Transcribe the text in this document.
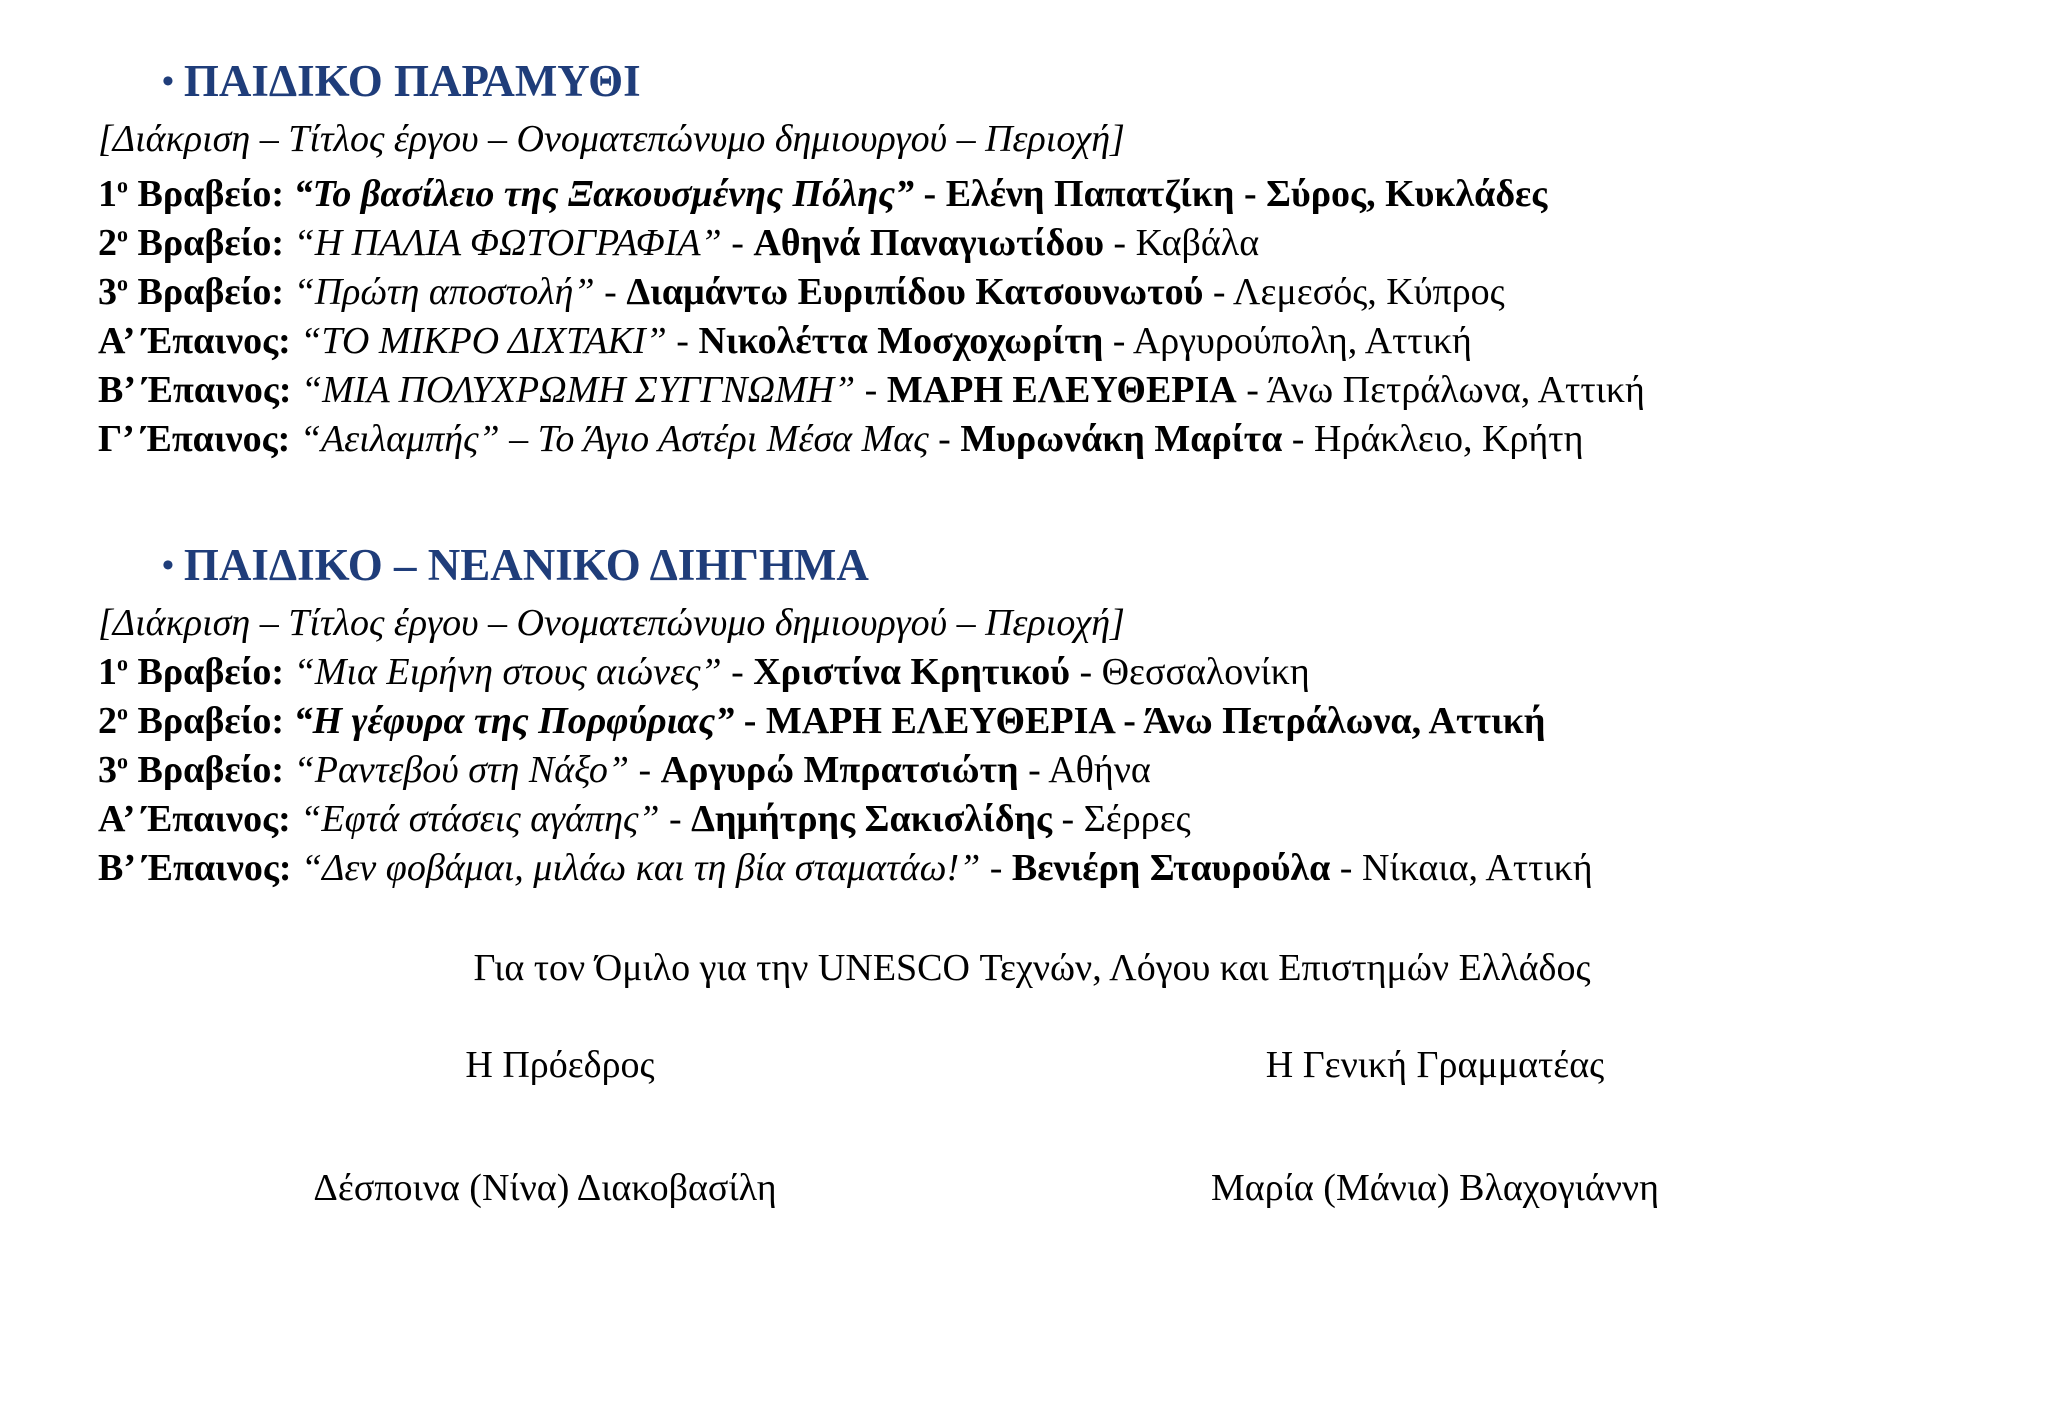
• ΠΑΙΔΙΚΟ ΠΑΡΑΜΥΘΙ
[Διάκριση – Τίτλος έργου – Ονοματεπώνυμο δημιουργού – Περιοχή]
$1^o$ Βραβείο: “Το βασίλειο της Ξακουσμένης Πόλης” - Ελένη Παπατζίκη - Σύρος, Κυκλάδες
$2^o$ Βραβείο: “Η ΠΑΛΙΑ ΦΩΤΟΓΡΑΦΙΑ” - Αθηνά Παναγιωτίδου - Καβάλα
$3^o$ Βραβείο: “Πρώτη αποστολή” - Διαμάντω Ευριπίδου Κατσουνωτού - Λεμεσός, Κύπρος
Α’ Έπαινος: “ΤΟ ΜΙΚΡΟ ΔΙΧΤΑΚΙ” - Νικολέττα Μοσχοχωρίτη - Αργυρούπολη, Αττική
Β’ Έπαινος: “ΜΙΑ ΠΟΛΥΧΡΩΜΗ ΣΥΓΓΝΩΜΗ” - ΜΑΡΗ ΕΛΕΥΘΕΡΙΑ - Άνω Πετράλωνα, Αττική
Γ’ Έπαινος: “Αειλαμπής” – Το Άγιο Αστέρι Μέσα Μας - Μυρωνάκη Μαρίτα - Ηράκλειο, Κρήτη
• ΠΑΙΔΙΚΟ – ΝΕΑΝΙΚΟ ΔΙΗΓΗΜΑ
[Διάκριση – Τίτλος έργου – Ονοματεπώνυμο δημιουργού – Περιοχή]
$1^o$ Βραβείο: “Μια Ειρήνη στους αιώνες” - Χριστίνα Κρητικού - Θεσσαλονίκη
$2^o$ Βραβείο: “Η γέφυρα της Πορφύριας” - ΜΑΡΗ ΕΛΕΥΘΕΡΙΑ - Άνω Πετράλωνα, Αττική
$3^o$ Βραβείο: “Ραντεβού στη Νάξο” - Αργυρώ Μπρατσιώτη - Αθήνα
Α’ Έπαινος: “Εφτά στάσεις αγάπης” - Δημήτρης Σακισλίδης - Σέρρες
Β’ Έπαινος: “Δεν φοβάμαι, μιλάω και τη βία σταματάω!” - Βενιέρη Σταυρούλα - Νίκαια, Αττική
Για τον Όμιλο για την UNESCO Τεχνών, Λόγου και Επιστημών Ελλάδος
Η Πρόεδρος	Η Γενική Γραμματέας
Δέσποινα (Νίνα) Διακοβασίλη	Μαρία (Μάνια) Βλαχογιάννη
